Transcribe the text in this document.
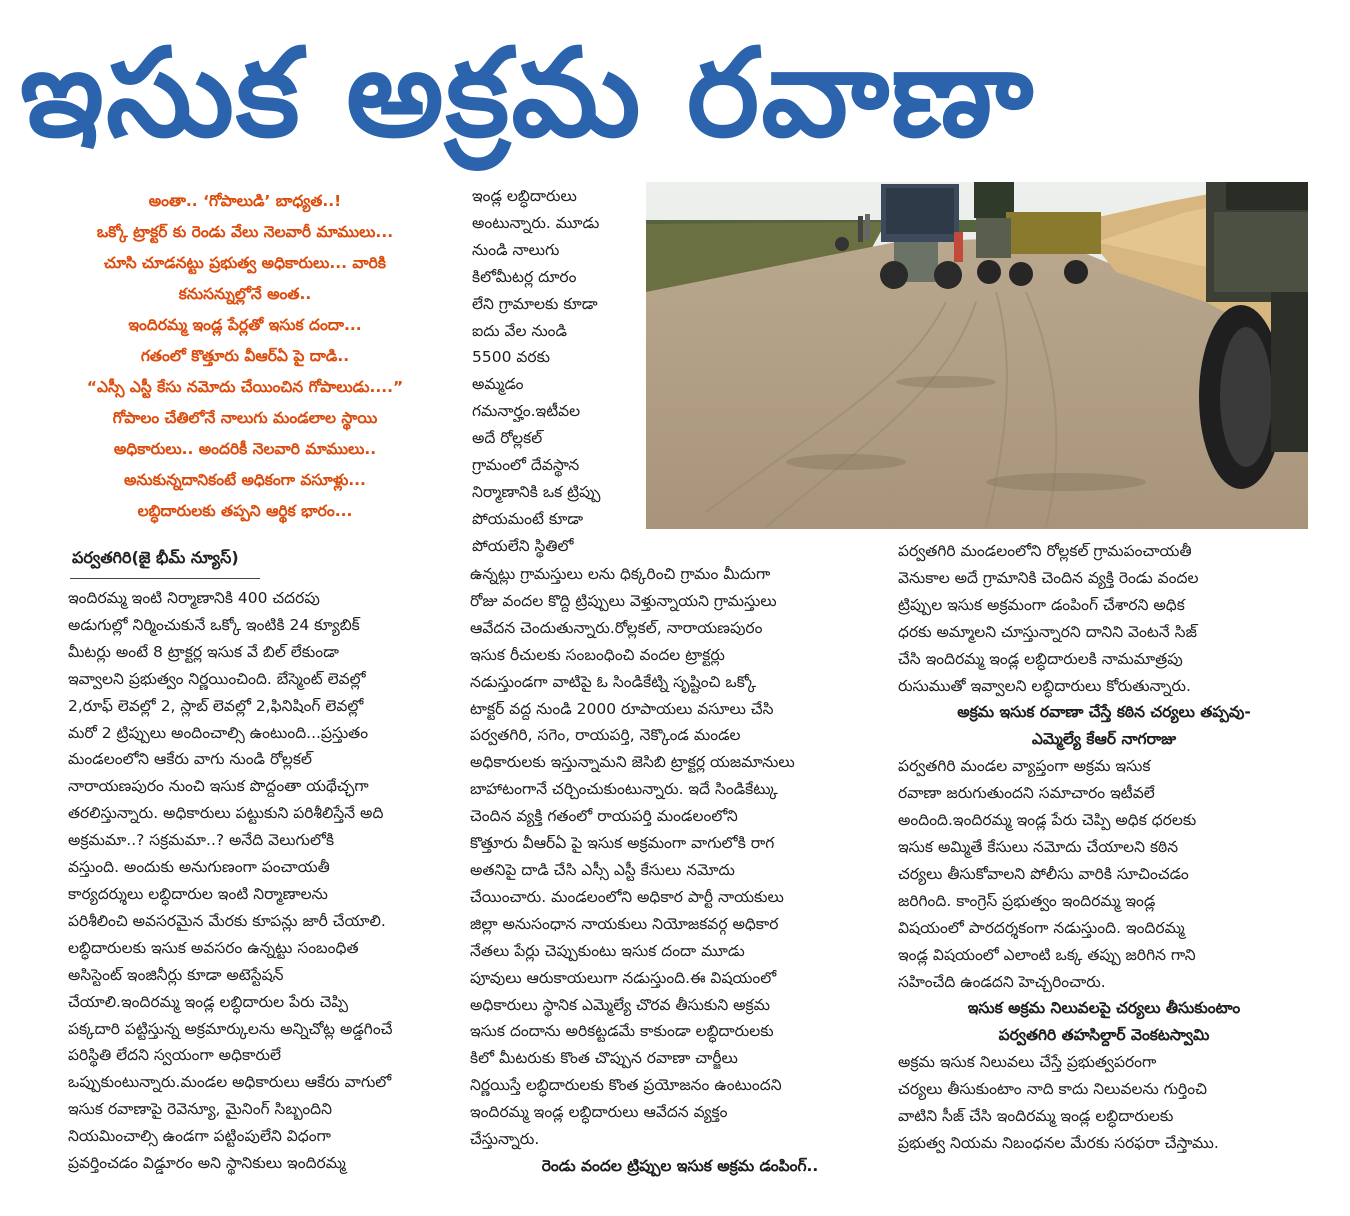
ఇసుక అక్రమ రవాణా
అంతా.. ‘గోపాలుడి’ బాధ్యత..!
ఒక్కో ట్రాక్టర్ కు రెండు వేలు నెలవారీ మాములు...
చూసి చూడనట్టు ప్రభుత్వ అధికారులు... వారికి
కనుసన్నుల్లోనే అంత..
ఇందిరమ్మ ఇండ్ల పేర్లతో ఇసుక దందా...
గతంలో కొత్తూరు వీఆర్ఏ పై దాడి..
“ఎస్సీ ఎస్టీ కేసు నమోదు చేయించిన గోపాలుడు....”
గోపాలం చేతిలోనే నాలుగు మండలాల స్థాయి
అధికారులు.. అందరికీ నెలవారి మాములు..
అనుకున్నదానికంటే అధికంగా వసూళ్లు...
లబ్ధిదారులకు తప్పని ఆర్థిక భారం...
పర్వతగిరి(జై భీమ్ న్యూస్)
ఇందిరమ్మ ఇంటి నిర్మాణానికి 400 చదరపు
అడుగుల్లో నిర్మించుకునే ఒక్కో ఇంటికి 24 క్యూబిక్
మీటర్లు అంటే 8 ట్రాక్టర్ల ఇసుక వే బిల్ లేకుండా
ఇవ్వాలని ప్రభుత్వం నిర్ణయించింది. బేస్మెంట్ లెవల్లో
2,రూఫ్ లెవల్లో 2, స్లాబ్ లెవల్లో 2,ఫినిషింగ్ లెవల్లో
మరో 2 ట్రిప్పులు అందించాల్సి ఉంటుంది...ప్రస్తుతం
మండలంలోని ఆకేరు వాగు నుండి రోల్లకల్
నారాయణపురం నుంచి ఇసుక పొద్దంతా యథేచ్ఛగా
తరలిస్తున్నారు. అధికారులు పట్టుకుని పరిశీలిస్తేనే అది
అక్రమమా..? సక్రమమా..? అనేది వెలుగులోకి
వస్తుంది. అందుకు అనుగుణంగా పంచాయతీ
కార్యదర్శులు లబ్ధిదారుల ఇంటి నిర్మాణాలను
పరిశీలించి అవసరమైన మేరకు కూపన్లు జారీ చేయాలి.
లబ్ధిదారులకు ఇసుక అవసరం ఉన్నట్టు సంబంధిత
అసిస్టెంట్ ఇంజినీర్లు కూడా అటెస్టేషన్
చేయాలి.ఇందిరమ్మ ఇండ్ల లబ్ధిదారుల పేరు చెప్పి
పక్కదారి పట్టిస్తున్న అక్రమార్కులను అన్నిచోట్ల అడ్డగించే
పరిస్థితి లేదని స్వయంగా అధికారులే
ఒప్పుకుంటున్నారు.మండల అధికారులు ఆకేరు వాగులో
ఇసుక రవాణాపై రెవెన్యూ, మైనింగ్ సిబ్బందిని
నియమించాల్సి ఉండగా పట్టింపులేని విధంగా
ప్రవర్తించడం విడ్డూరం అని స్థానికులు ఇందిరమ్మ
ఇండ్ల లబ్ధిదారులు
అంటున్నారు. మూడు
నుండి నాలుగు
కిలోమీటర్ల దూరం
లేని గ్రామాలకు కూడా
ఐదు వేల నుండి
5500 వరకు
అమ్మడం
గమనార్హం.ఇటీవల
అదే రోల్లకల్
గ్రామంలో దేవస్థాన
నిర్మాణానికి ఒక ట్రిప్పు
పోయమంటే కూడా
పోయలేని స్థితిలో
ఉన్నట్లు గ్రామస్తులు లను ధిక్కరించి గ్రామం మీదుగా
రోజు వందల కొద్ది ట్రిప్పులు వెళ్తున్నాయని గ్రామస్తులు
ఆవేదన చెందుతున్నారు.రోల్లకల్, నారాయణపురం
ఇసుక రీచులకు సంబంధించి వందల ట్రాక్టర్లు
నడుస్తుండగా వాటిపై ఓ సిండికేట్ని సృష్టించి ఒక్కో
టాక్టర్ వద్ద నుండి 2000 రూపాయలు వసూలు చేసి
పర్వతగిరి, సగెం, రాయపర్తి, నెక్కొండ మండల
అధికారులకు ఇస్తున్నామని జెసిబి ట్రాక్టర్ల యజమానులు
బాహాటంగానే చర్చించుకుంటున్నారు. ఇదే సిండికేట్కు
చెందిన వ్యక్తి గతంలో రాయపర్తి మండలంలోని
కొత్తూరు వీఆర్ఏ పై ఇసుక అక్రమంగా వాగులోకి రాగ
అతనిపై దాడి చేసి ఎస్సీ ఎస్టీ కేసులు నమోదు
చేయించారు. మండలంలోని అధికార పార్టీ నాయకులు
జిల్లా అనుసంధాన నాయకులు నియోజకవర్గ అధికార
నేతలు పేర్లు చెప్పుకుంటు ఇసుక దందా మూడు
పూవులు ఆరుకాయలుగా నడుస్తుంది.ఈ విషయంలో
అధికారులు స్థానిక ఎమ్మెల్యే చొరవ తీసుకుని అక్రమ
ఇసుక దందాను అరికట్టడమే కాకుండా లబ్ధిదారులకు
కిలో మీటరుకు కొంత చొప్పున రవాణా చార్జీలు
నిర్ణయిస్తే లబ్ధిదారులకు కొంత ప్రయోజనం ఉంటుందని
ఇందిరమ్మ ఇండ్ల లబ్ధిదారులు ఆవేదన వ్యక్తం
చేస్తున్నారు.
రెండు వందల ట్రిప్పుల ఇసుక అక్రమ డంపింగ్..
పర్వతగిరి మండలంలోని రోల్లకల్ గ్రామపంచాయతీ
వెనుకాల అదే గ్రామానికి చెందిన వ్యక్తి రెండు వందల
ట్రిప్పుల ఇసుక అక్రమంగా డంపింగ్ చేశారని అధిక
ధరకు అమ్మాలని చూస్తున్నారని దానిని వెంటనే సిజ్
చేసి ఇందిరమ్మ ఇండ్ల లబ్ధిదారులకి నామమాత్రపు
రుసుముతో ఇవ్వాలని లబ్ధిదారులు కోరుతున్నారు.
అక్రమ ఇసుక రవాణా చేస్తే కఠిన చర్యలు తప్పవు-
ఎమ్మెల్యే కేఆర్ నాగరాజు
పర్వతగిరి మండల వ్యాప్తంగా అక్రమ ఇసుక
రవాణా జరుగుతుందని సమాచారం ఇటీవలే
అందింది.ఇందిరమ్మ ఇండ్ల పేరు చెప్పి అధిక ధరలకు
ఇసుక అమ్మితే కేసులు నమోదు చేయాలని కఠిన
చర్యలు తీసుకోవాలని పోలీసు వారికి సూచించడం
జరిగింది. కాంగ్రెస్ ప్రభుత్వం ఇందిరమ్మ ఇండ్ల
విషయంలో పారదర్శకంగా నడుస్తుంది. ఇందిరమ్మ
ఇండ్ల విషయంలో ఎలాంటి ఒక్క తప్పు జరిగిన గాని
సహించేది ఉండదని హెచ్చరించారు.
ఇసుక అక్రమ నిలువలపై చర్యలు తీసుకుంటాం
పర్వతగిరి తహసిల్దార్ వెంకటస్వామి
అక్రమ ఇసుక నిలువలు చేస్తే ప్రభుత్వపరంగా
చర్యలు తీసుకుంటాం నాది కాదు నిలువలను గుర్తించి
వాటిని సీజ్ చేసి ఇందిరమ్మ ఇండ్ల లబ్ధిదారులకు
ప్రభుత్వ నియమ నిబంధనల మేరకు సరఫరా చేస్తాము.
